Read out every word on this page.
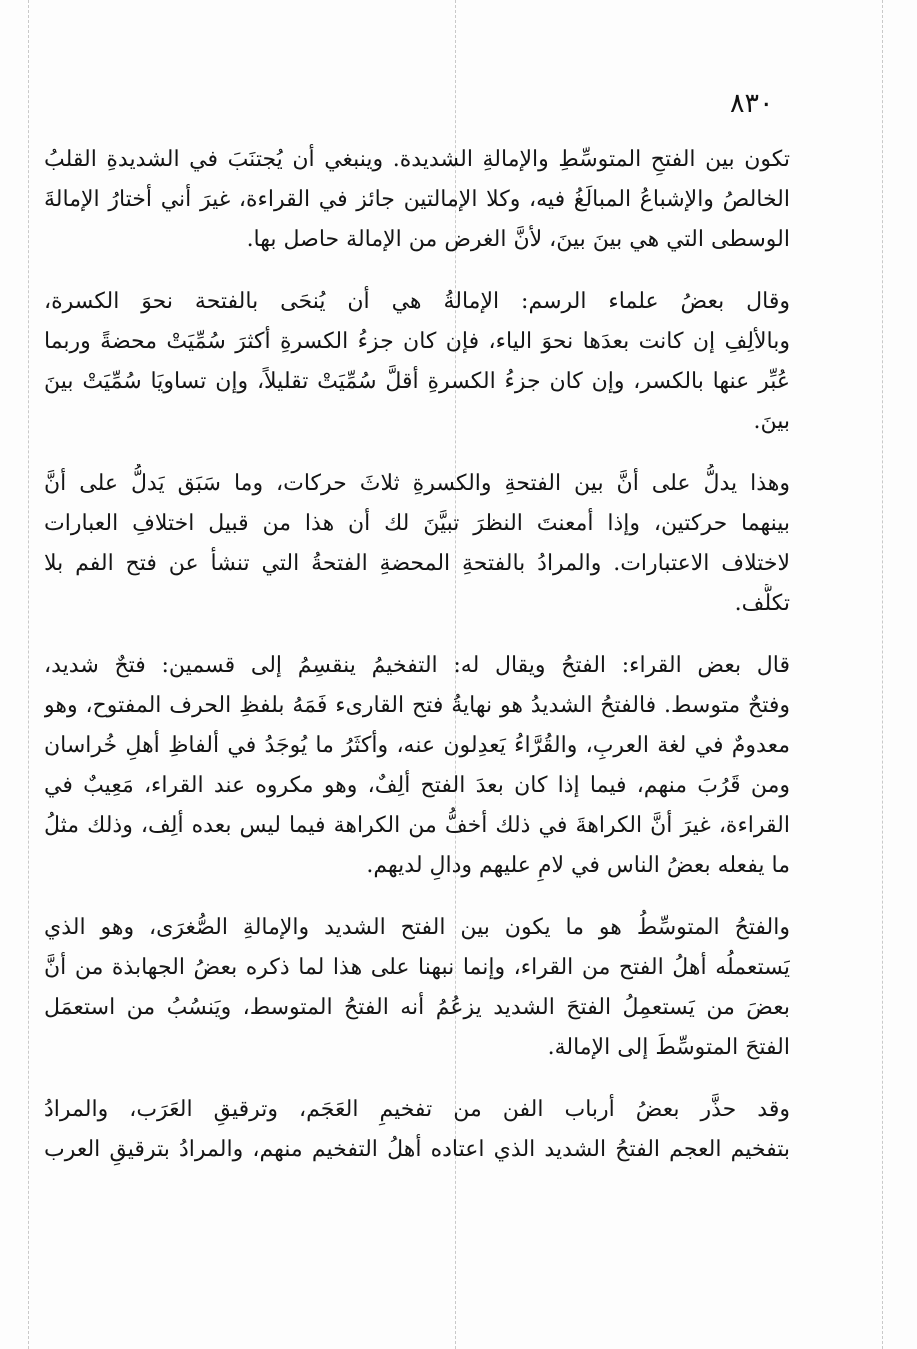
٨٣٠
تكون بين الفتحِ المتوسِّطِ والإمالةِ الشديدة. وينبغي أن يُجتنَبَ في الشديدةِ القلبُ
الخالصُ والإشباعُ المبالَغُ فيه، وكلا الإمالتين جائز في القراءة، غيرَ أني أختارُ الإمالةَ
الوسطى التي هي بينَ بينَ، لأنَّ الغرض من الإمالة حاصل بها.
وقال بعضُ علماء الرسم: الإمالةُ هي أن يُنحَى بالفتحة نحوَ الكسرة،
وبالألِفِ إن كانت بعدَها نحوَ الياء، فإن كان جزءُ الكسرةِ أكثرَ سُمِّيَتْ محضةً وربما
عُبِّر عنها بالكسر، وإن كان جزءُ الكسرةِ أقلَّ سُمِّيَتْ تقليلاً، وإن تساويَا سُمِّيَتْ بينَ
بينَ.
وهذا يدلُّ على أنَّ بين الفتحةِ والكسرةِ ثلاثَ حركات، وما سَبَق يَدلُّ على أنَّ
بينهما حركتين، وإذا أمعنتَ النظرَ تبيَّنَ لك أن هذا من قبيل اختلافِ العبارات
لاختلاف الاعتبارات. والمرادُ بالفتحةِ المحضةِ الفتحةُ التي تنشأ عن فتح الفم بلا
تكلُّف.
قال بعض القراء: الفتحُ ويقال له: التفخيمُ ينقسِمُ إلى قسمين: فتحٌ شديد،
وفتحٌ متوسط. فالفتحُ الشديدُ هو نهايةُ فتح القارىء فَمَهُ بلفظِ الحرف المفتوح، وهو
معدومٌ في لغة العربِ، والقُرَّاءُ يَعدِلون عنه، وأكثَرُ ما يُوجَدُ في ألفاظِ أهلِ خُراسان
ومن قَرُبَ منهم، فيما إذا كان بعدَ الفتح ألِفٌ، وهو مكروه عند القراء، مَعِيبٌ في
القراءة، غيرَ أنَّ الكراهةَ في ذلك أخفُّ من الكراهة فيما ليس بعده ألِف، وذلك مثلُ
ما يفعله بعضُ الناس في لامِ عليهم ودالِ لديهم.
والفتحُ المتوسِّطُ هو ما يكون بين الفتح الشديد والإمالةِ الصُّغرَى، وهو الذي
يَستعملُه أهلُ الفتح من القراء، وإنما نبهنا على هذا لما ذكره بعضُ الجهابذة من أنَّ
بعضَ من يَستعمِلُ الفتحَ الشديد يزعُمُ أنه الفتحُ المتوسط، ويَنسُبُ من استعمَل
الفتحَ المتوسِّطَ إلى الإمالة.
وقد حذَّر بعضُ أرباب الفن من تفخيمِ العَجَم، وترقيقِ العَرَب، والمرادُ
بتفخيم العجم الفتحُ الشديد الذي اعتاده أهلُ التفخيم منهم، والمرادُ بترقيقِ العرب
